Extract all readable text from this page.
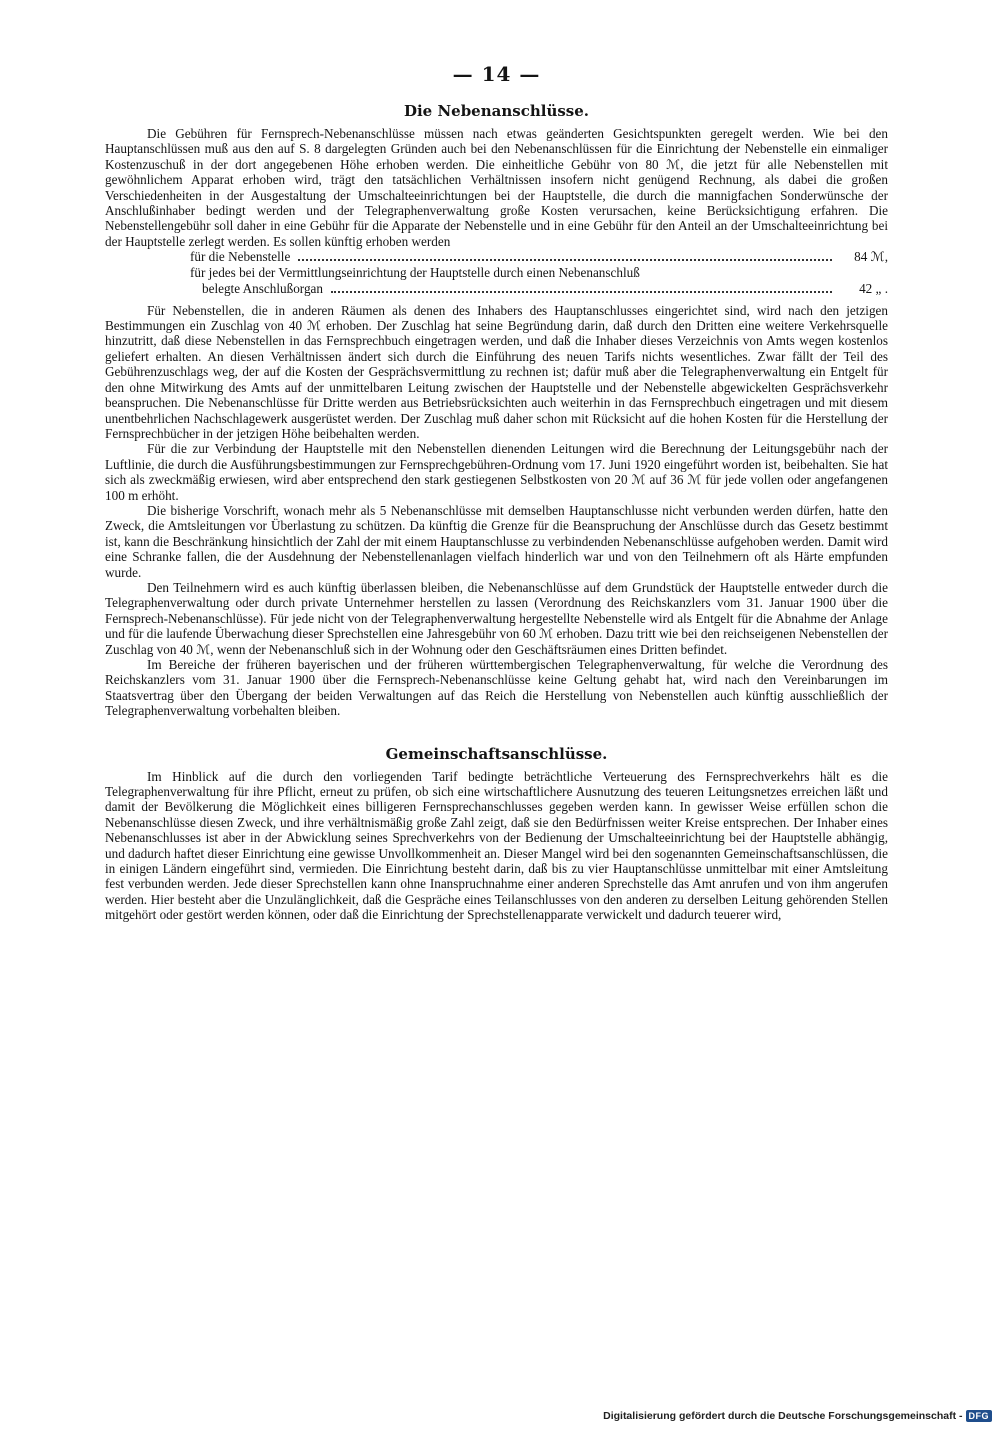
— 14 —
Die Nebenanschlüsse.

Die Gebühren für Fernsprech-Nebenanschlüsse müssen nach etwas geänderten Gesichtspunkten geregelt werden. Wie bei den Hauptanschlüssen muß aus den auf S. 8 dargelegten Gründen auch bei den Nebenanschlüssen für die Einrichtung der Nebenstelle ein einmaliger Kostenzuschuß in der dort angegebenen Höhe erhoben werden. Die einheitliche Gebühr von 80 ℳ, die jetzt für alle Nebenstellen mit gewöhnlichem Apparat erhoben wird, trägt den tatsächlichen Verhältnissen insofern nicht genügend Rechnung, als dabei die großen Verschiedenheiten in der Ausgestaltung der Umschalteeinrichtungen bei der Hauptstelle, die durch die mannigfachen Sonderwünsche der Anschlußinhaber bedingt werden und der Telegraphenverwaltung große Kosten verursachen, keine Berücksichtigung erfahren. Die Nebenstellengebühr soll daher in eine Gebühr für die Apparate der Nebenstelle und in eine Gebühr für den Anteil an der Umschalteeinrichtung bei der Hauptstelle zerlegt werden. Es sollen künftig erhoben werden

für die Nebenstelle	84 ℳ,
für jedes bei der Vermittlungseinrichtung der Hauptstelle durch einen Nebenanschluß
belegte Anschlußorgan	42 „ .

Für Nebenstellen, die in anderen Räumen als denen des Inhabers des Hauptanschlusses eingerichtet sind, wird nach den jetzigen Bestimmungen ein Zuschlag von 40 ℳ erhoben. Der Zuschlag hat seine Begründung darin, daß durch den Dritten eine weitere Verkehrsquelle hinzutritt, daß diese Nebenstellen in das Fernsprechbuch eingetragen werden, und daß die Inhaber dieses Verzeichnis von Amts wegen kostenlos geliefert erhalten. An diesen Verhältnissen ändert sich durch die Einführung des neuen Tarifs nichts wesentliches. Zwar fällt der Teil des Gebührenzuschlags weg, der auf die Kosten der Gesprächsvermittlung zu rechnen ist; dafür muß aber die Telegraphenverwaltung ein Entgelt für den ohne Mitwirkung des Amts auf der unmittelbaren Leitung zwischen der Hauptstelle und der Nebenstelle abgewickelten Gesprächsverkehr beanspruchen. Die Nebenanschlüsse für Dritte werden aus Betriebsrücksichten auch weiterhin in das Fernsprechbuch eingetragen und mit diesem unentbehrlichen Nachschlagewerk ausgerüstet werden. Der Zuschlag muß daher schon mit Rücksicht auf die hohen Kosten für die Herstellung der Fernsprechbücher in der jetzigen Höhe beibehalten werden.

Für die zur Verbindung der Hauptstelle mit den Nebenstellen dienenden Leitungen wird die Berechnung der Leitungsgebühr nach der Luftlinie, die durch die Ausführungsbestimmungen zur Fernsprechgebühren-Ordnung vom 17. Juni 1920 eingeführt worden ist, beibehalten. Sie hat sich als zweckmäßig erwiesen, wird aber entsprechend den stark gestiegenen Selbstkosten von 20 ℳ auf 36 ℳ für jede vollen oder angefangenen 100 m erhöht.

Die bisherige Vorschrift, wonach mehr als 5 Nebenanschlüsse mit demselben Hauptanschlusse nicht verbunden werden dürfen, hatte den Zweck, die Amtsleitungen vor Überlastung zu schützen. Da künftig die Grenze für die Beanspruchung der Anschlüsse durch das Gesetz bestimmt ist, kann die Beschränkung hinsichtlich der Zahl der mit einem Hauptanschlusse zu verbindenden Nebenanschlüsse aufgehoben werden. Damit wird eine Schranke fallen, die der Ausdehnung der Nebenstellenanlagen vielfach hinderlich war und von den Teilnehmern oft als Härte empfunden wurde.

Den Teilnehmern wird es auch künftig überlassen bleiben, die Nebenanschlüsse auf dem Grundstück der Hauptstelle entweder durch die Telegraphenverwaltung oder durch private Unternehmer herstellen zu lassen (Verordnung des Reichskanzlers vom 31. Januar 1900 über die Fernsprech-Nebenanschlüsse). Für jede nicht von der Telegraphenverwaltung hergestellte Nebenstelle wird als Entgelt für die Abnahme der Anlage und für die laufende Überwachung dieser Sprechstellen eine Jahresgebühr von 60 ℳ erhoben. Dazu tritt wie bei den reichseigenen Nebenstellen der Zuschlag von 40 ℳ, wenn der Nebenanschluß sich in der Wohnung oder den Geschäftsräumen eines Dritten befindet.

Im Bereiche der früheren bayerischen und der früheren württembergischen Telegraphenverwaltung, für welche die Verordnung des Reichskanzlers vom 31. Januar 1900 über die Fernsprech-Nebenanschlüsse keine Geltung gehabt hat, wird nach den Vereinbarungen im Staatsvertrag über den Übergang der beiden Verwaltungen auf das Reich die Herstellung von Nebenstellen auch künftig ausschließlich der Telegraphenverwaltung vorbehalten bleiben.

Gemeinschaftsanschlüsse.

Im Hinblick auf die durch den vorliegenden Tarif bedingte beträchtliche Verteuerung des Fernsprechverkehrs hält es die Telegraphenverwaltung für ihre Pflicht, erneut zu prüfen, ob sich eine wirtschaftlichere Ausnutzung des teueren Leitungsnetzes erreichen läßt und damit der Bevölkerung die Möglichkeit eines billigeren Fernsprechanschlusses gegeben werden kann. In gewisser Weise erfüllen schon die Nebenanschlüsse diesen Zweck, und ihre verhältnismäßig große Zahl zeigt, daß sie den Bedürfnissen weiter Kreise entsprechen. Der Inhaber eines Nebenanschlusses ist aber in der Abwicklung seines Sprechverkehrs von der Bedienung der Umschalteeinrichtung bei der Hauptstelle abhängig, und dadurch haftet dieser Einrichtung eine gewisse Unvollkommenheit an. Dieser Mangel wird bei den sogenannten Gemeinschaftsanschlüssen, die in einigen Ländern eingeführt sind, vermieden. Die Einrichtung besteht darin, daß bis zu vier Hauptanschlüsse unmittelbar mit einer Amtsleitung fest verbunden werden. Jede dieser Sprechstellen kann ohne Inanspruchnahme einer anderen Sprechstelle das Amt anrufen und von ihm angerufen werden. Hier besteht aber die Unzulänglichkeit, daß die Gespräche eines Teilanschlusses von den anderen zu derselben Leitung gehörenden Stellen mitgehört oder gestört werden können, oder daß die Einrichtung der Sprechstellenapparate verwickelt und dadurch teuerer wird,

Digitalisierung gefördert durch die Deutsche Forschungsgemeinschaft - DFG
